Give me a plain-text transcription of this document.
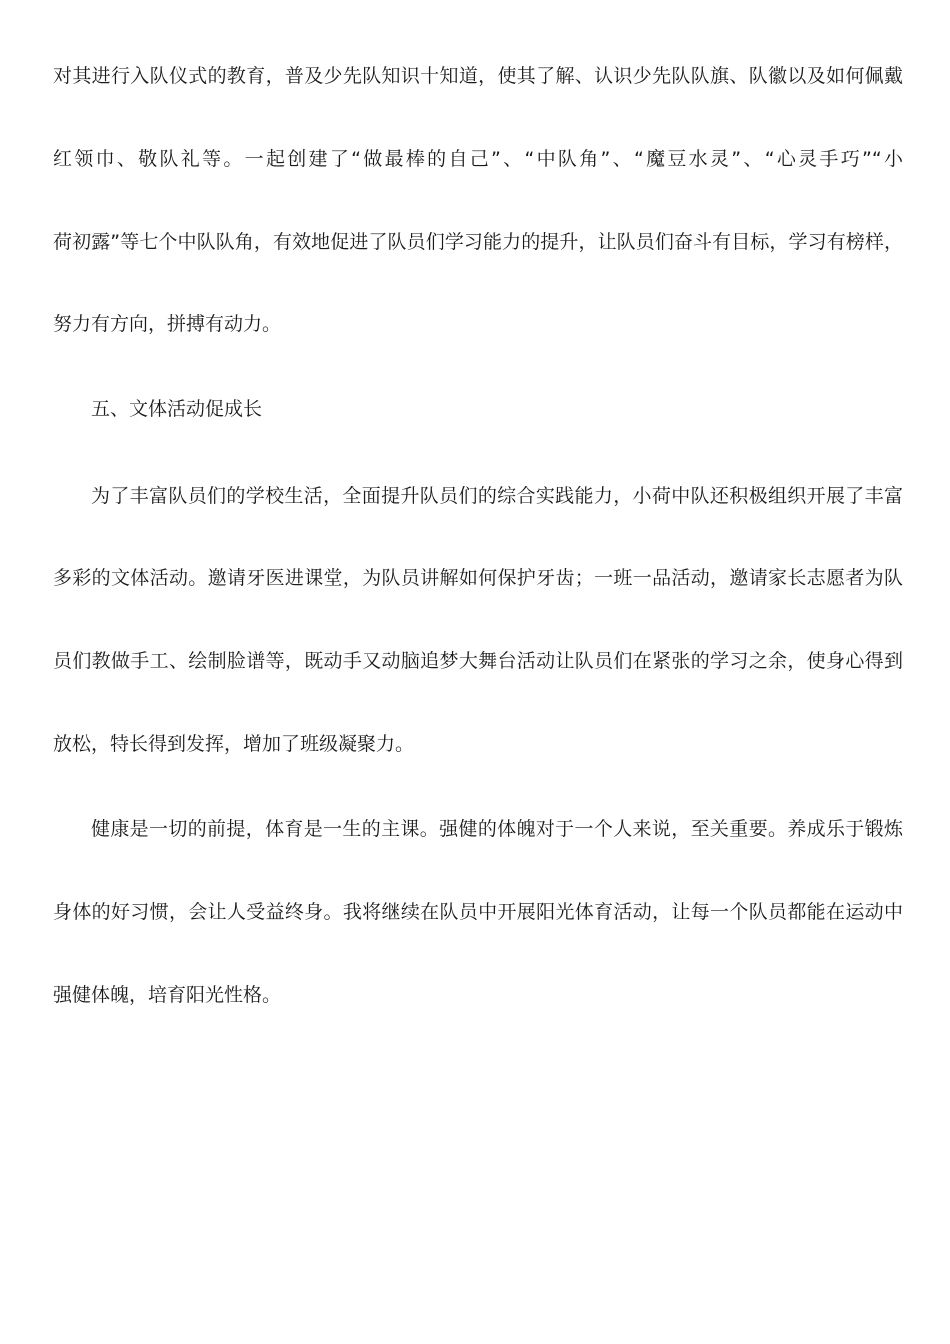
对其进行入队仪式的教育，普及少先队知识十知道，使其了解、认识少先队队旗、队徽以及如何佩戴
红领巾、敬队礼等。一起创建了“做最棒的自己”、“中队角”、“魔豆水灵”、“心灵手巧”“小
荷初露”等七个中队队角，有效地促进了队员们学习能力的提升，让队员们奋斗有目标，学习有榜样，
努力有方向，拼搏有动力。
五、文体活动促成长
为了丰富队员们的学校生活，全面提升队员们的综合实践能力，小荷中队还积极组织开展了丰富
多彩的文体活动。邀请牙医进课堂，为队员讲解如何保护牙齿；一班一品活动，邀请家长志愿者为队
员们教做手工、绘制脸谱等，既动手又动脑追梦大舞台活动让队员们在紧张的学习之余，使身心得到
放松，特长得到发挥，增加了班级凝聚力。
健康是一切的前提，体育是一生的主课。强健的体魄对于一个人来说，至关重要。养成乐于锻炼
身体的好习惯，会让人受益终身。我将继续在队员中开展阳光体育活动，让每一个队员都能在运动中
强健体魄，培育阳光性格。
